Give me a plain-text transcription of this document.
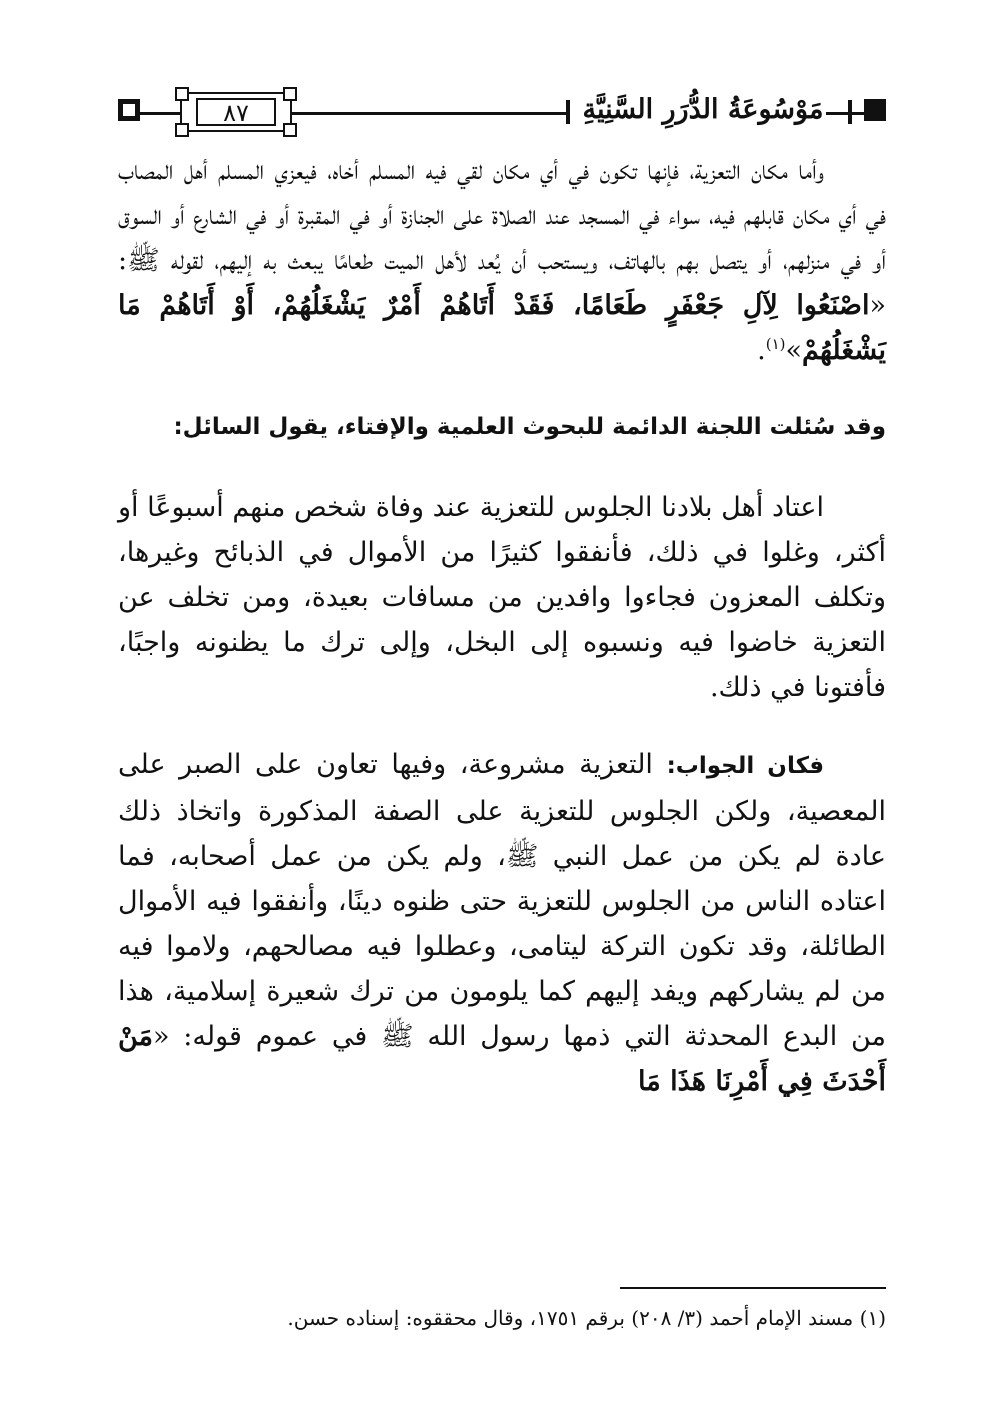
٨٧	مَوْسُوعَةُ الدُّرَرِ السَّنِيَّةِ

وأما مكان التعزية، فإنها تكون في أي مكان لقي فيه المسلم أخاه، فيعزي المسلم أهل المصاب في أي مكان قابلهم فيه، سواء في المسجد عند الصلاة على الجنازة أو في المقبرة أو في الشارع أو السوق أو في منزلهم، أو يتصل بهم بالهاتف، ويستحب أن يُعد لأهل الميت طعامًا يبعث به إليهم، لقوله ﷺ: «اصْنَعُوا لِآلِ جَعْفَرٍ طَعَامًا، فَقَدْ أَتَاهُمْ أَمْرٌ يَشْغَلُهُمْ، أَوْ أَتَاهُمْ مَا يَشْغَلُهُمْ»$^{(١)}$.

وقد سُئلت اللجنة الدائمة للبحوث العلمية والإفتاء، يقول السائل:

اعتاد أهل بلادنا الجلوس للتعزية عند وفاة شخص منهم أسبوعًا أو أكثر، وغلوا في ذلك، فأنفقوا كثيرًا من الأموال في الذبائح وغيرها، وتكلف المعزون فجاءوا وافدين من مسافات بعيدة، ومن تخلف عن التعزية خاضوا فيه ونسبوه إلى البخل، وإلى ترك ما يظنونه واجبًا، فأفتونا في ذلك.

فكان الجواب: التعزية مشروعة، وفيها تعاون على الصبر على المعصية، ولكن الجلوس للتعزية على الصفة المذكورة واتخاذ ذلك عادة لم يكن من عمل النبي ﷺ، ولم يكن من عمل أصحابه، فما اعتاده الناس من الجلوس للتعزية حتى ظنوه دينًا، وأنفقوا فيه الأموال الطائلة، وقد تكون التركة ليتامى، وعطلوا فيه مصالحهم، ولاموا فيه من لم يشاركهم ويفد إليهم كما يلومون من ترك شعيرة إسلامية، هذا من البدع المحدثة التي ذمها رسول الله ﷺ في عموم قوله: «مَنْ أَحْدَثَ فِي أَمْرِنَا هَذَا مَا

(١) مسند الإمام أحمد (٣/ ٢٠٨) برقم ١٧٥١، وقال محققوه: إسناده حسن.
